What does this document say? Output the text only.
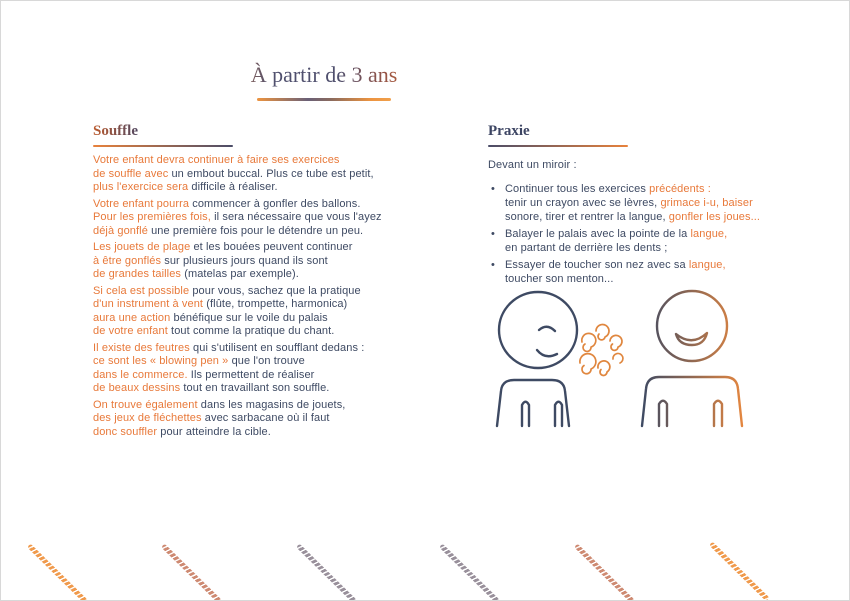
À partir de 3 ans
Souffle

Votre enfant devra continuer à faire ses exercices
de souffle avec un embout buccal. Plus ce tube est petit,
plus l'exercice sera difficile à réaliser.

Votre enfant pourra commencer à gonfler des ballons.
Pour les premières fois, il sera nécessaire que vous l'ayez
déjà gonflé une première fois pour le détendre un peu.

Les jouets de plage et les bouées peuvent continuer
à être gonflés sur plusieurs jours quand ils sont
de grandes tailles (matelas par exemple).

Si cela est possible pour vous, sachez que la pratique
d'un instrument à vent (flûte, trompette, harmonica)
aura une action bénéfique sur le voile du palais
de votre enfant tout comme la pratique du chant.

Il existe des feutres qui s'utilisent en soufflant dedans :
ce sont les « blowing pen » que l'on trouve
dans le commerce. Ils permettent de réaliser
de beaux dessins tout en travaillant son souffle.

On trouve également dans les magasins de jouets,
des jeux de fléchettes avec sarbacane où il faut
donc souffler pour atteindre la cible.

Praxie

Devant un miroir :

• Continuer tous les exercices précédents :
tenir un crayon avec se lèvres, grimace i-u, baiser
sonore, tirer et rentrer la langue, gonfler les joues...
• Balayer le palais avec la pointe de la langue,
en partant de derrière les dents ;
• Essayer de toucher son nez avec sa langue,
toucher son menton...
